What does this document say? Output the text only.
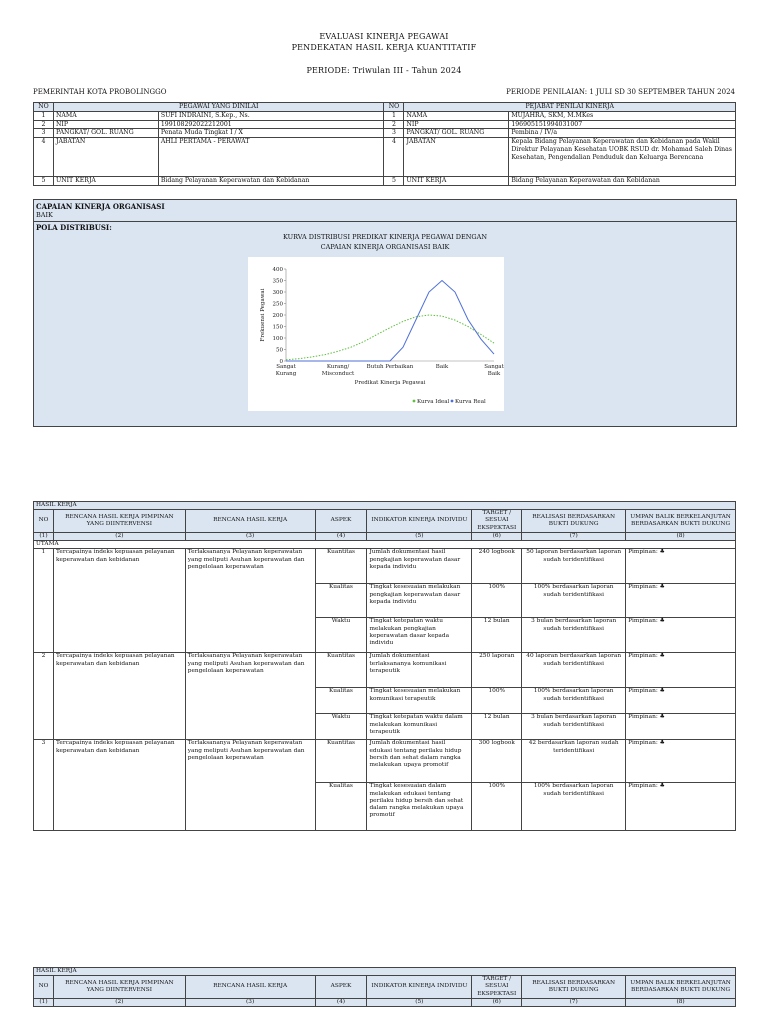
EVALUASI KINERJA PEGAWAI
PENDEKATAN HASIL KERJA KUANTITATIF
PERIODE: Triwulan III - Tahun 2024
PEMERINTAH KOTA PROBOLINGGO	PERIODE PENILAIAN: 1 JULI SD 30 SEPTEMBER TAHUN 2024
NO	PEGAWAI YANG DINILAI		NO	PEJABAT PENILAI KINERJA	
1	NAMA	SUFI INDRAINI, S.Kep., Ns.	1	NAMA	MUJAHRA, SKM, M.MKes
2	NIP	199108292022212001	2	NIP	196905151994031007
3	PANGKAT/ GOL. RUANG	Penata Muda Tingkat I / X	3	PANGKAT/ GOL. RUANG	Pembina / IV/a
4	JABATAN	AHLI PERTAMA - PERAWAT	4	JABATAN	Kepala Bidang Pelayanan Keperawatan dan Kebidanan pada Wakil Direktur Pelayanan Kesehatan UOBK RSUD dr. Mohamad Saleh Dinas Kesehatan, Pengendalian Penduduk dan Keluarga Berencana
5	UNIT KERJA	Bidang Pelayanan Keperawatan dan Kebidanan	5	UNIT KERJA	Bidang Pelayanan Keperawatan dan Kebidanan
CAPAIAN KINERJA ORGANISASI
BAIK
POLA DISTRIBUSI:
KURVA DISTRIBUSI PREDIKAT KINERJA PEGAWAI DENGAN
CAPAIAN KINERJA ORGANISASI BAIK
0
50
100
150
200
250
300
350
400
Sangat
Kurang
Kurang/
Misconduct
Butuh Perbaikan	Baik	Sangat
Baik
Predikat Kinerja Pegawai
Frekuensi Pegawai
Kurva Ideal Kurva Real
HASIL KERJA							
NO	RENCANA HASIL KERJA PIMPINAN YANG DIINTERVENSI	RENCANA HASIL KERJA	ASPEK	INDIKATOR KINERJA INDIVIDU	TARGET / SESUAI EKSPEKTASI	REALISASI BERDASARKAN BUKTI DUKUNG	UMPAN BALIK BERKELANJUTAN BERDASARKAN BUKTI DUKUNG
(1)	(2)	(3)	(4)	(5)	(6)	(7)	(8)
UTAMA							
1	Tercapainya indeks kepuasan pelayanan keperawatan dan kebidanan	Terlaksananya Pelayanan keperawatan yang meliputi Asuhan keperawatan dan pengelolaan keperawatan	Kuantitas	Jumlah dokumentasi hasil pengkajian keperawatan dasar kepada individu	240 logbook	50 laporan berdasarkan laporan sudah teridentifikasi	Pimpinan: ♣
			Kualitas	Tingkat kesesuaian melakukan pengkajian keperawatan dasar kepada individu	100%	100% berdasarkan laporan sudah teridentifikasi	Pimpinan: ♣
			Waktu	Tingkat ketepatan waktu melakukan pengkajian keperawatan dasar kepada individu	12 bulan	3 bulan berdasarkan laporan sudah teridentifikasi	Pimpinan: ♣
2	Tercapainya indeks kepuasan pelayanan keperawatan dan kebidanan	Terlaksananya Pelayanan keperawatan yang meliputi Asuhan keperawatan dan pengelolaan keperawatan	Kuantitas	Jumlah dokumentasi terlaksananya komunikasi terapeutik	250 laporan	40 laporan berdasarkan laporan sudah teridentifikasi	Pimpinan: ♣
			Kualitas	Tingkat kesesuaian melakukan komunikasi terapeutik	100%	100% berdasarkan laporan sudah teridentifikasi	Pimpinan: ♣
			Waktu	Tingkat ketepatan waktu dalam melakukan komunikasi terapeutik	12 bulan	3 bulan berdasarkan laporan sudah teridentifikasi	Pimpinan: ♣
3	Tercapainya indeks kepuasan pelayanan keperawatan dan kebidanan	Terlaksananya Pelayanan keperawatan yang meliputi Asuhan keperawatan dan pengelolaan keperawatan	Kuantitas	Jumlah dokumentasi hasil edukasi tentang perilaku hidup bersih dan sehat dalam rangka melakukan upaya promotif	300 logbook	42 berdasarkan laporan sudah teridentifikasi	Pimpinan: ♣
			Kualitas	Tingkat kesesuaian dalam melakukan edukasi tentang perilaku hidup bersih dan sehat dalam rangka melakukan upaya promotif	100%	100% berdasarkan laporan sudah teridentifikasi	Pimpinan: ♣
HASIL KERJA							
NO	RENCANA HASIL KERJA PIMPINAN YANG DIINTERVENSI	RENCANA HASIL KERJA	ASPEK	INDIKATOR KINERJA INDIVIDU	TARGET / SESUAI EKSPEKTASI	REALISASI BERDASARKAN BUKTI DUKUNG	UMPAN BALIK BERKELANJUTAN BERDASARKAN BUKTI DUKUNG
(1)	(2)	(3)	(4)	(5)	(6)	(7)	(8)
